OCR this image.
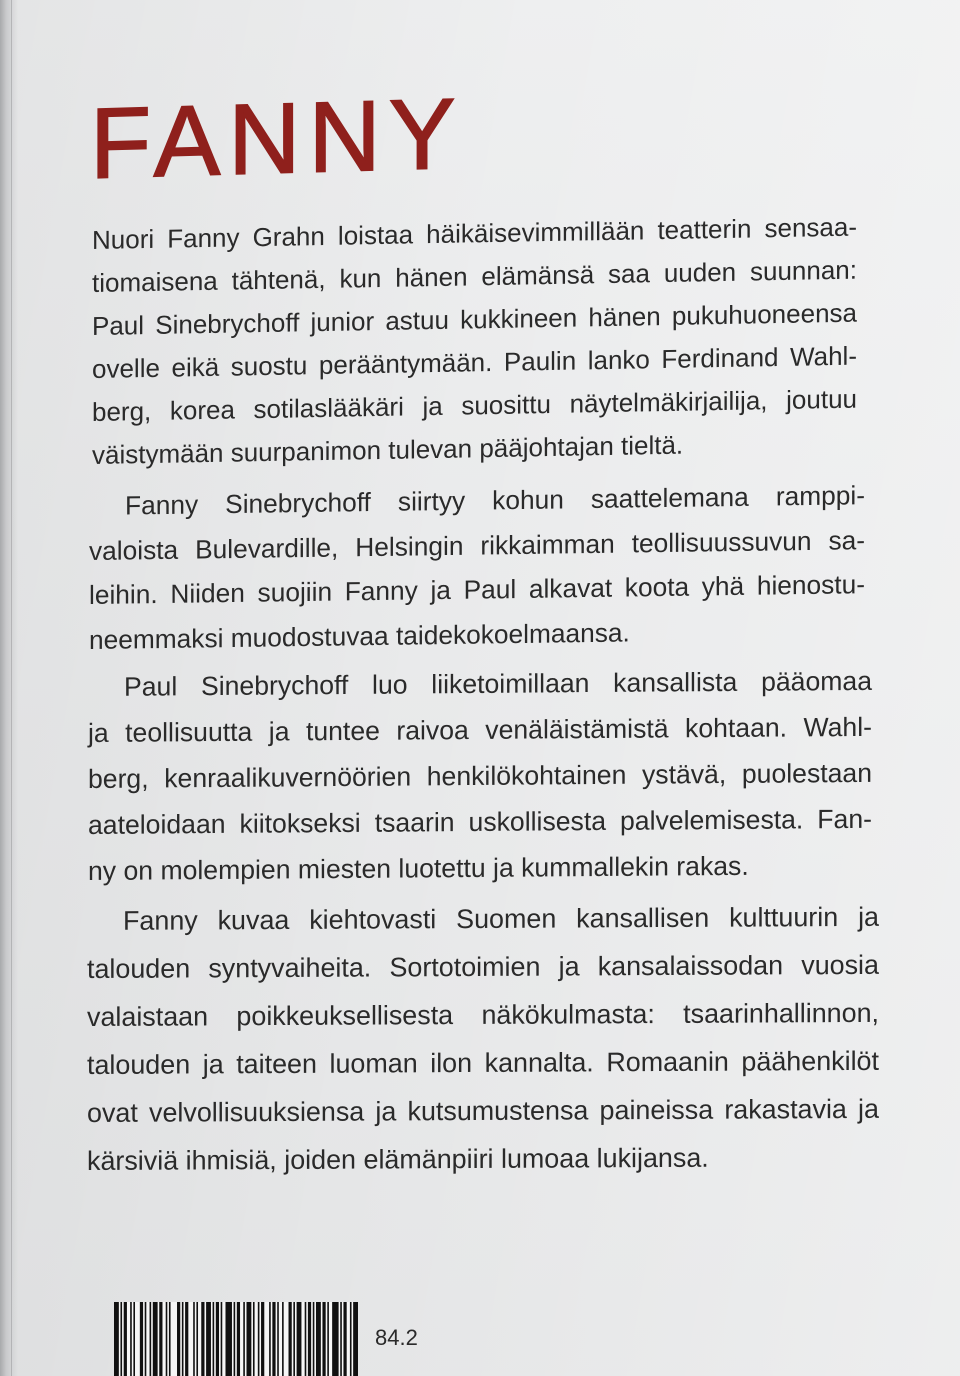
FANNY
Nuori Fanny Grahn loistaa häikäisevimmillään teatterin sensaa-
tiomaisena tähtenä, kun hänen elämänsä saa uuden suunnan:
Paul Sinebrychoff junior astuu kukkineen hänen pukuhuoneensa
ovelle eikä suostu perääntymään. Paulin lanko Ferdinand Wahl-
berg, korea sotilaslääkäri ja suosittu näytelmäkirjailija, joutuu
väistymään suurpanimon tulevan pääjohtajan tieltä.
Fanny Sinebrychoff siirtyy kohun saattelemana ramppi-
valoista Bulevardille, Helsingin rikkaimman teollisuussuvun sa-
leihin. Niiden suojiin Fanny ja Paul alkavat koota yhä hienostu-
neemmaksi muodostuvaa taidekokoelmaansa.
Paul Sinebrychoff luo liiketoimillaan kansallista pääomaa
ja teollisuutta ja tuntee raivoa venäläistämistä kohtaan. Wahl-
berg, kenraalikuvernöörien henkilökohtainen ystävä, puolestaan
aateloidaan kiitokseksi tsaarin uskollisesta palvelemisesta. Fan-
ny on molempien miesten luotettu ja kummallekin rakas.
Fanny kuvaa kiehtovasti Suomen kansallisen kulttuurin ja
talouden syntyvaiheita. Sortotoimien ja kansalaissodan vuosia
valaistaan poikkeuksellisesta näkökulmasta: tsaarinhallinnon,
talouden ja taiteen luoman ilon kannalta. Romaanin päähenkilöt
ovat velvollisuuksiensa ja kutsumustensa paineissa rakastavia ja
kärsiviä ihmisiä, joiden elämänpiiri lumoaa lukijansa.
84.2
